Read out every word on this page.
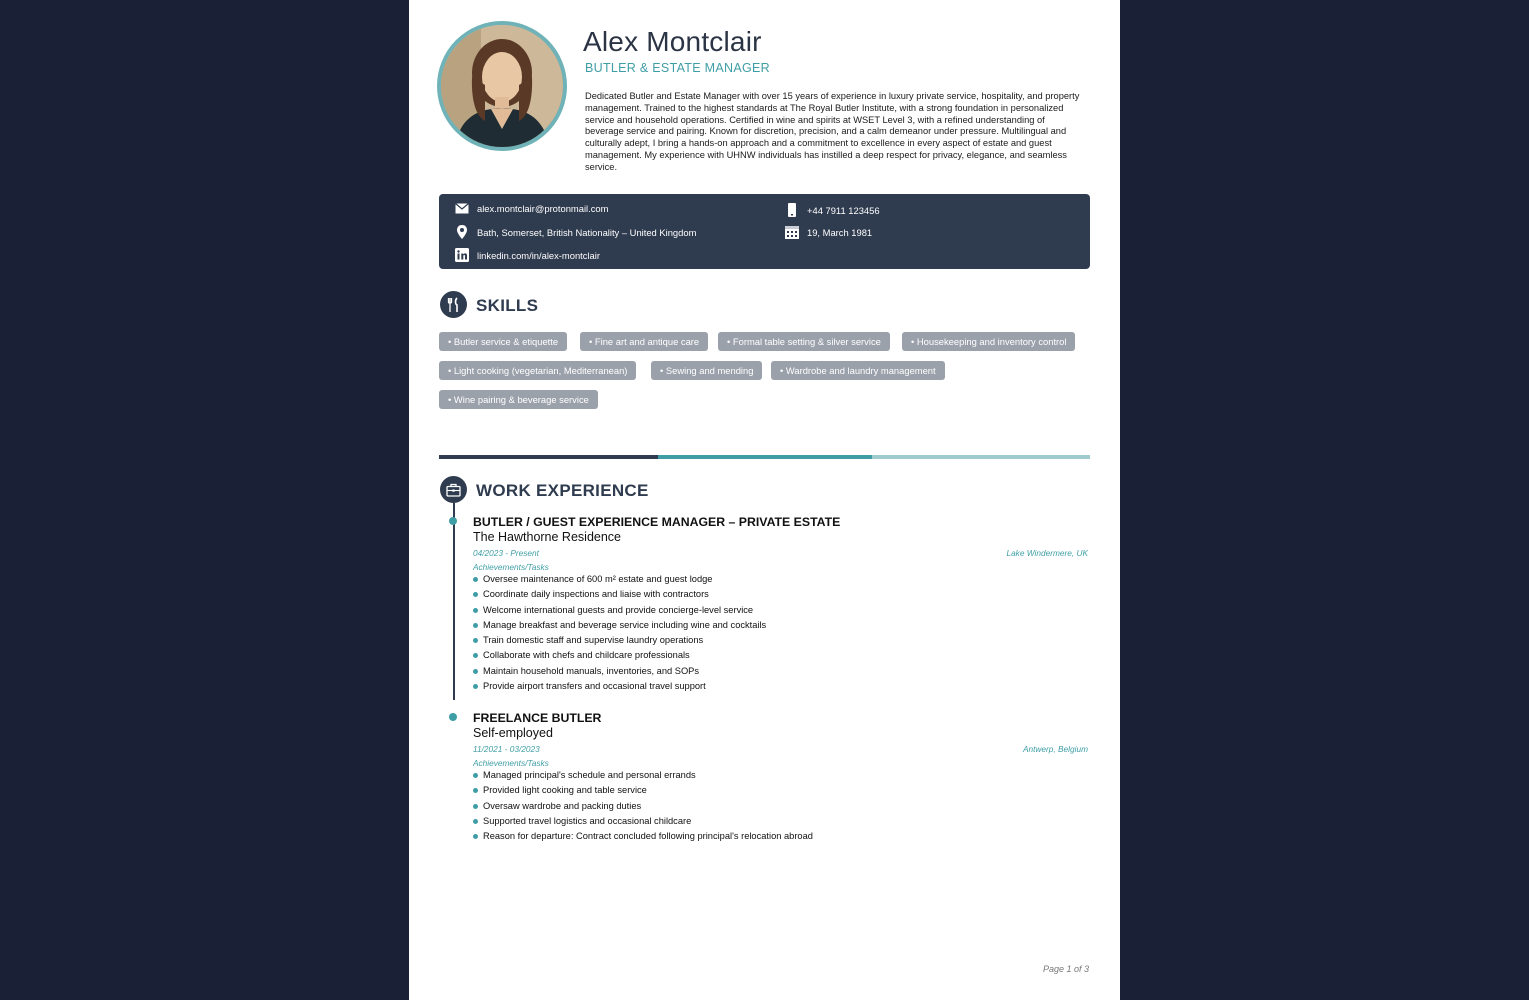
Alex Montclair
BUTLER & ESTATE MANAGER
Dedicated Butler and Estate Manager with over 15 years of experience in luxury private service, hospitality, and property management. Trained to the highest standards at The Royal Butler Institute, with a strong foundation in personalized service and household operations. Certified in wine and spirits at WSET Level 3, with a refined understanding of beverage service and pairing. Known for discretion, precision, and a calm demeanor under pressure. Multilingual and culturally adept, I bring a hands-on approach and a commitment to excellence in every aspect of estate and guest management. My experience with UHNW individuals has instilled a deep respect for privacy, elegance, and seamless service.
alex.montclair@protonmail.com	+44 7911 123456
Bath, Somerset, British Nationality – United Kingdom	19, March 1981
linkedin.com/in/alex-montclair
SKILLS
• Butler service & etiquette	• Fine art and antique care	• Formal table setting & silver service	• Housekeeping and inventory control
• Light cooking (vegetarian, Mediterranean)	• Sewing and mending	• Wardrobe and laundry management
• Wine pairing & beverage service
WORK EXPERIENCE
BUTLER / GUEST EXPERIENCE MANAGER – PRIVATE ESTATE
The Hawthorne Residence
04/2023 - Present	Lake Windermere, UK
Achievements/Tasks
Oversee maintenance of 600 m² estate and guest lodge
Coordinate daily inspections and liaise with contractors
Welcome international guests and provide concierge-level service
Manage breakfast and beverage service including wine and cocktails
Train domestic staff and supervise laundry operations
Collaborate with chefs and childcare professionals
Maintain household manuals, inventories, and SOPs
Provide airport transfers and occasional travel support
FREELANCE BUTLER
Self-employed
11/2021 - 03/2023	Antwerp, Belgium
Achievements/Tasks
Managed principal's schedule and personal errands
Provided light cooking and table service
Oversaw wardrobe and packing duties
Supported travel logistics and occasional childcare
Reason for departure: Contract concluded following principal's relocation abroad
Page 1 of 3
